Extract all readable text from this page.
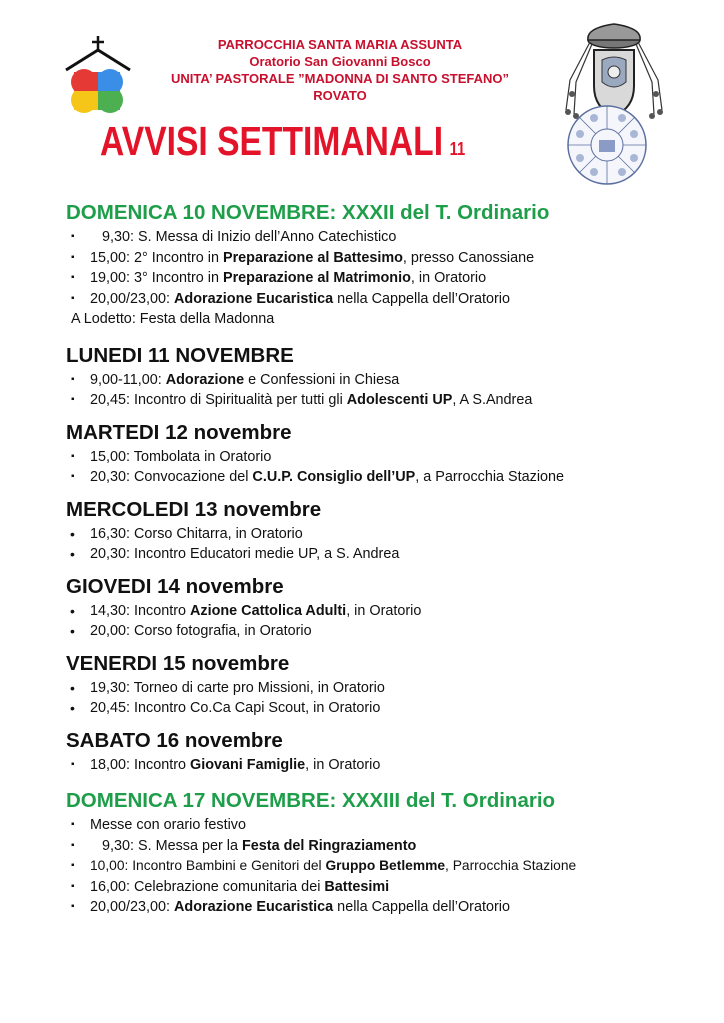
PARROCCHIA SANTA MARIA ASSUNTA
Oratorio San Giovanni Bosco
UNITA’ PASTORALE ”MADONNA DI SANTO STEFANO”
ROVATO
AVVISI SETTIMANALI 11
DOMENICA 10 NOVEMBRE: XXXII del T. Ordinario
▪ 9,30: S. Messa di Inizio dell’Anno Catechistico
▪ 15,00: 2° Incontro in Preparazione al Battesimo, presso Canossiane
▪ 19,00: 3° Incontro in Preparazione al Matrimonio, in Oratorio
▪ 20,00/23,00: Adorazione Eucaristica nella Cappella dell’Oratorio
A Lodetto: Festa della Madonna
LUNEDI 11 NOVEMBRE
▪ 9,00-11,00: Adorazione e Confessioni in Chiesa
▪ 20,45: Incontro di Spiritualità per tutti gli Adolescenti UP, A S.Andrea
MARTEDI 12 novembre
▪ 15,00: Tombolata in Oratorio
▪ 20,30: Convocazione del C.U.P. Consiglio dell’UP, a Parrocchia Stazione
MERCOLEDI 13 novembre
• 16,30: Corso Chitarra, in Oratorio
• 20,30: Incontro Educatori medie UP, a S. Andrea
GIOVEDI 14 novembre
• 14,30: Incontro Azione Cattolica Adulti, in Oratorio
• 20,00: Corso fotografia, in Oratorio
VENERDI 15 novembre
• 19,30: Torneo di carte pro Missioni, in Oratorio
• 20,45: Incontro Co.Ca Capi Scout, in Oratorio
SABATO 16 novembre
▪ 18,00: Incontro Giovani Famiglie, in Oratorio
DOMENICA 17 NOVEMBRE: XXXIII del T. Ordinario
▪ Messe con orario festivo
▪ 9,30: S. Messa per la Festa del Ringraziamento
▪ 10,00: Incontro Bambini e Genitori del Gruppo Betlemme, Parrocchia Stazione
▪ 16,00: Celebrazione comunitaria dei Battesimi
▪ 20,00/23,00: Adorazione Eucaristica nella Cappella dell’Oratorio
